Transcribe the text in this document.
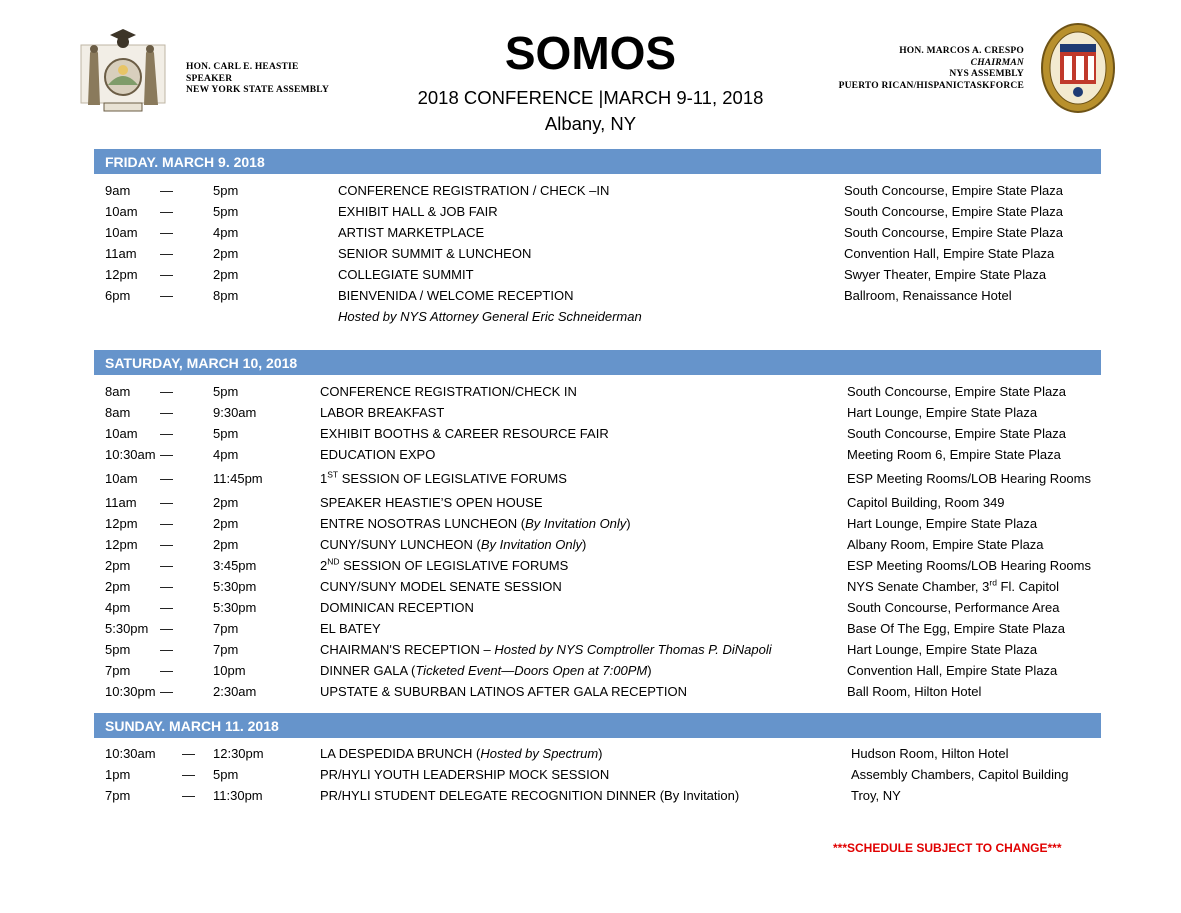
HON. CARL E. HEASTIE
SPEAKER
NEW YORK STATE ASSEMBLY
SOMOS
2018 CONFERENCE |MARCH 9-11, 2018
Albany, NY
HON. MARCOS A. CRESPO
CHAIRMAN
NYS ASSEMBLY
PUERTO RICAN/HISPANICTASKFORCE
FRIDAY. MARCH 9. 2018
9am —	5pm	CONFERENCE REGISTRATION / CHECK –IN	South Concourse, Empire State Plaza
10am —	5pm	EXHIBIT HALL & JOB FAIR	South Concourse, Empire State Plaza
10am —	4pm	ARTIST MARKETPLACE	South Concourse, Empire State Plaza
11am —	2pm	SENIOR SUMMIT & LUNCHEON	Convention Hall, Empire State Plaza
12pm —	2pm	COLLEGIATE SUMMIT	Swyer Theater, Empire State Plaza
6pm —	8pm	BIENVENIDA / WELCOME RECEPTION	Ballroom, Renaissance Hotel
Hosted by NYS Attorney General Eric Schneiderman
SATURDAY, MARCH 10, 2018
8am —	5pm	CONFERENCE REGISTRATION/CHECK IN	South Concourse, Empire State Plaza
8am —	9:30am	LABOR BREAKFAST	Hart Lounge, Empire State Plaza
10am —	5pm	EXHIBIT BOOTHS & CAREER RESOURCE FAIR	South Concourse, Empire State Plaza
10:30am —	4pm	EDUCATION EXPO	Meeting Room 6, Empire State Plaza
10am —	11:45pm	1ST SESSION OF LEGISLATIVE FORUMS	ESP Meeting Rooms/LOB Hearing Rooms
11am —	2pm	SPEAKER HEASTIE’S OPEN HOUSE	Capitol Building, Room 349
12pm —	2pm	ENTRE NOSOTRAS LUNCHEON (By Invitation Only)	Hart Lounge, Empire State Plaza
12pm —	2pm	CUNY/SUNY LUNCHEON (By Invitation Only)	Albany Room, Empire State Plaza
2pm —	3:45pm	2ND SESSION OF LEGISLATIVE FORUMS	ESP Meeting Rooms/LOB Hearing Rooms
2pm —	5:30pm	CUNY/SUNY MODEL SENATE SESSION	NYS Senate Chamber, 3rd Fl. Capitol
4pm —	5:30pm	DOMINICAN RECEPTION	South Concourse, Performance Area
5:30pm —	7pm	EL BATEY	Base Of The Egg, Empire State Plaza
5pm —	7pm	CHAIRMAN'S RECEPTION – Hosted by NYS Comptroller Thomas P. DiNapoli	Hart Lounge, Empire State Plaza
7pm —	10pm	DINNER GALA (Ticketed Event—Doors Open at 7:00PM)	Convention Hall, Empire State Plaza
10:30pm —	2:30am	UPSTATE & SUBURBAN LATINOS AFTER GALA RECEPTION	Ball Room, Hilton Hotel
SUNDAY. MARCH 11. 2018
10:30am — 12:30pm	LA DESPEDIDA BRUNCH (Hosted by Spectrum)	Hudson Room, Hilton Hotel
1pm	— 5pm	PR/HYLI YOUTH LEADERSHIP MOCK SESSION	Assembly Chambers, Capitol Building
7pm	— 11:30pm	PR/HYLI STUDENT DELEGATE RECOGNITION DINNER (By Invitation)	Troy, NY
***SCHEDULE SUBJECT TO CHANGE***
